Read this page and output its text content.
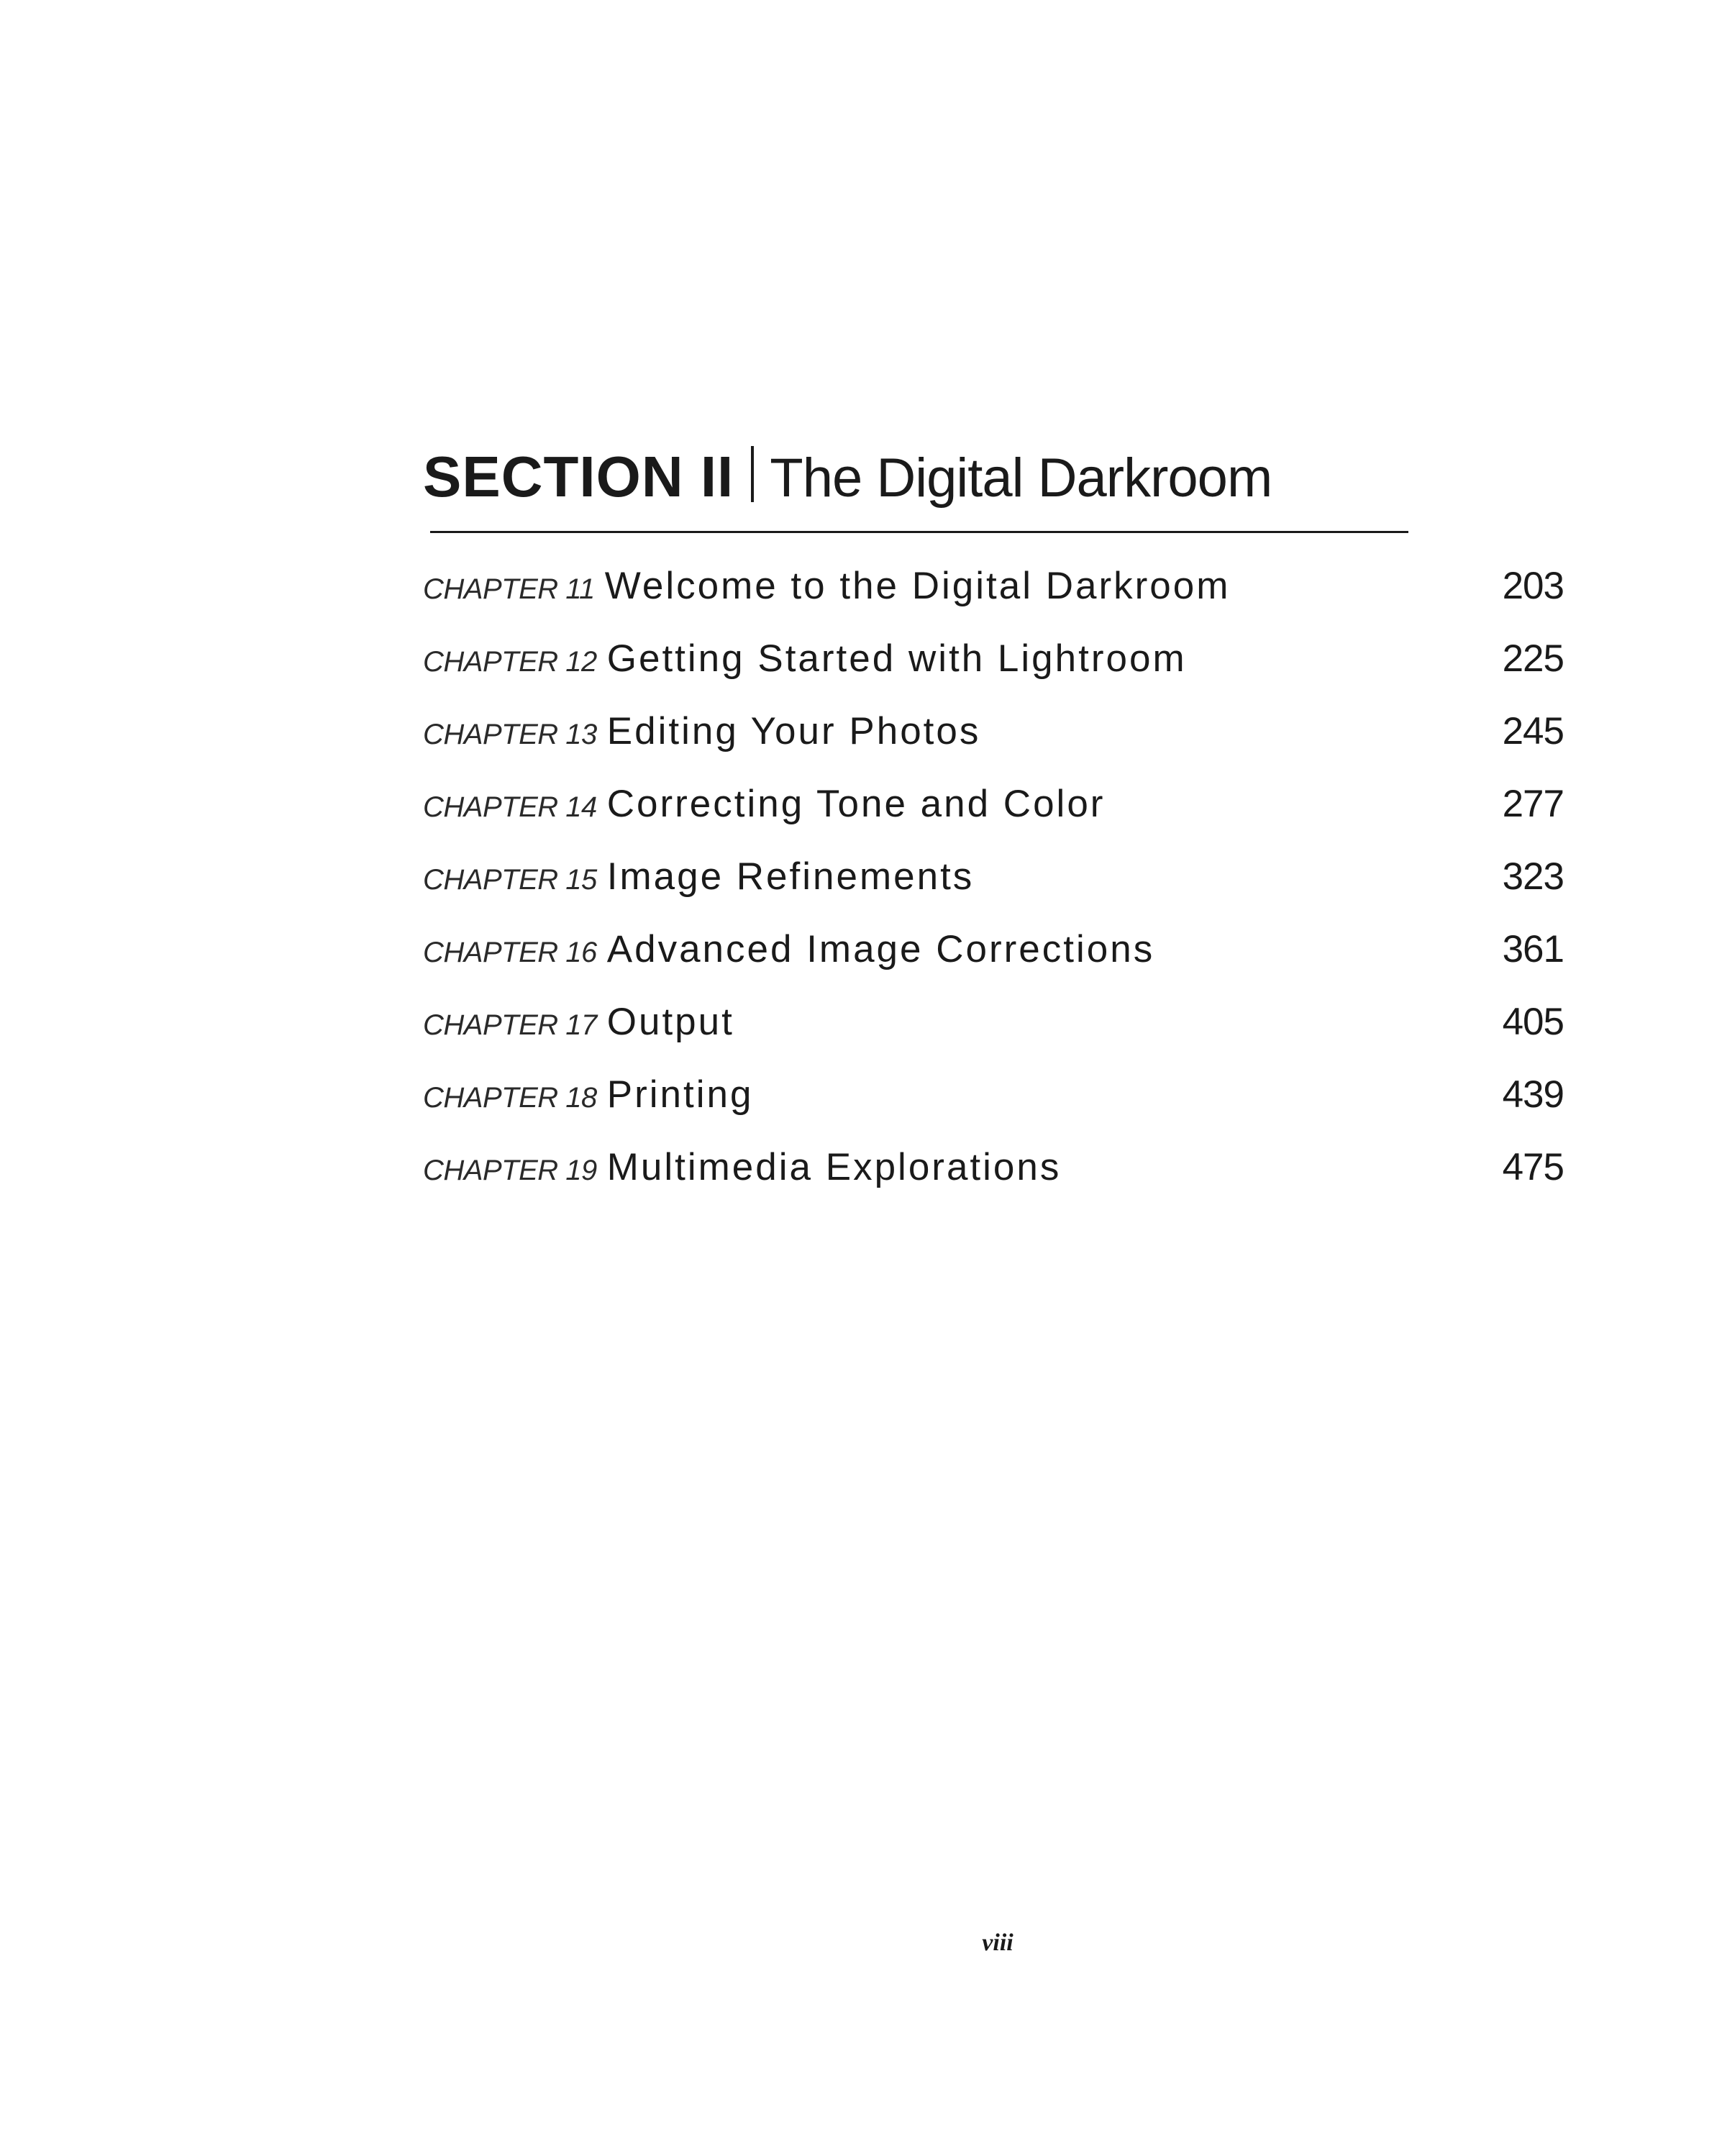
SECTION II The Digital Darkroom
CHAPTER 11 Welcome to the Digital Darkroom	203
CHAPTER 12 Getting Started with Lightroom	225
CHAPTER 13 Editing Your Photos	245
CHAPTER 14 Correcting Tone and Color	277
CHAPTER 15 Image Refinements	323
CHAPTER 16 Advanced Image Corrections	361
CHAPTER 17 Output	405
CHAPTER 18 Printing	439
CHAPTER 19 Multimedia Explorations	475
viii
